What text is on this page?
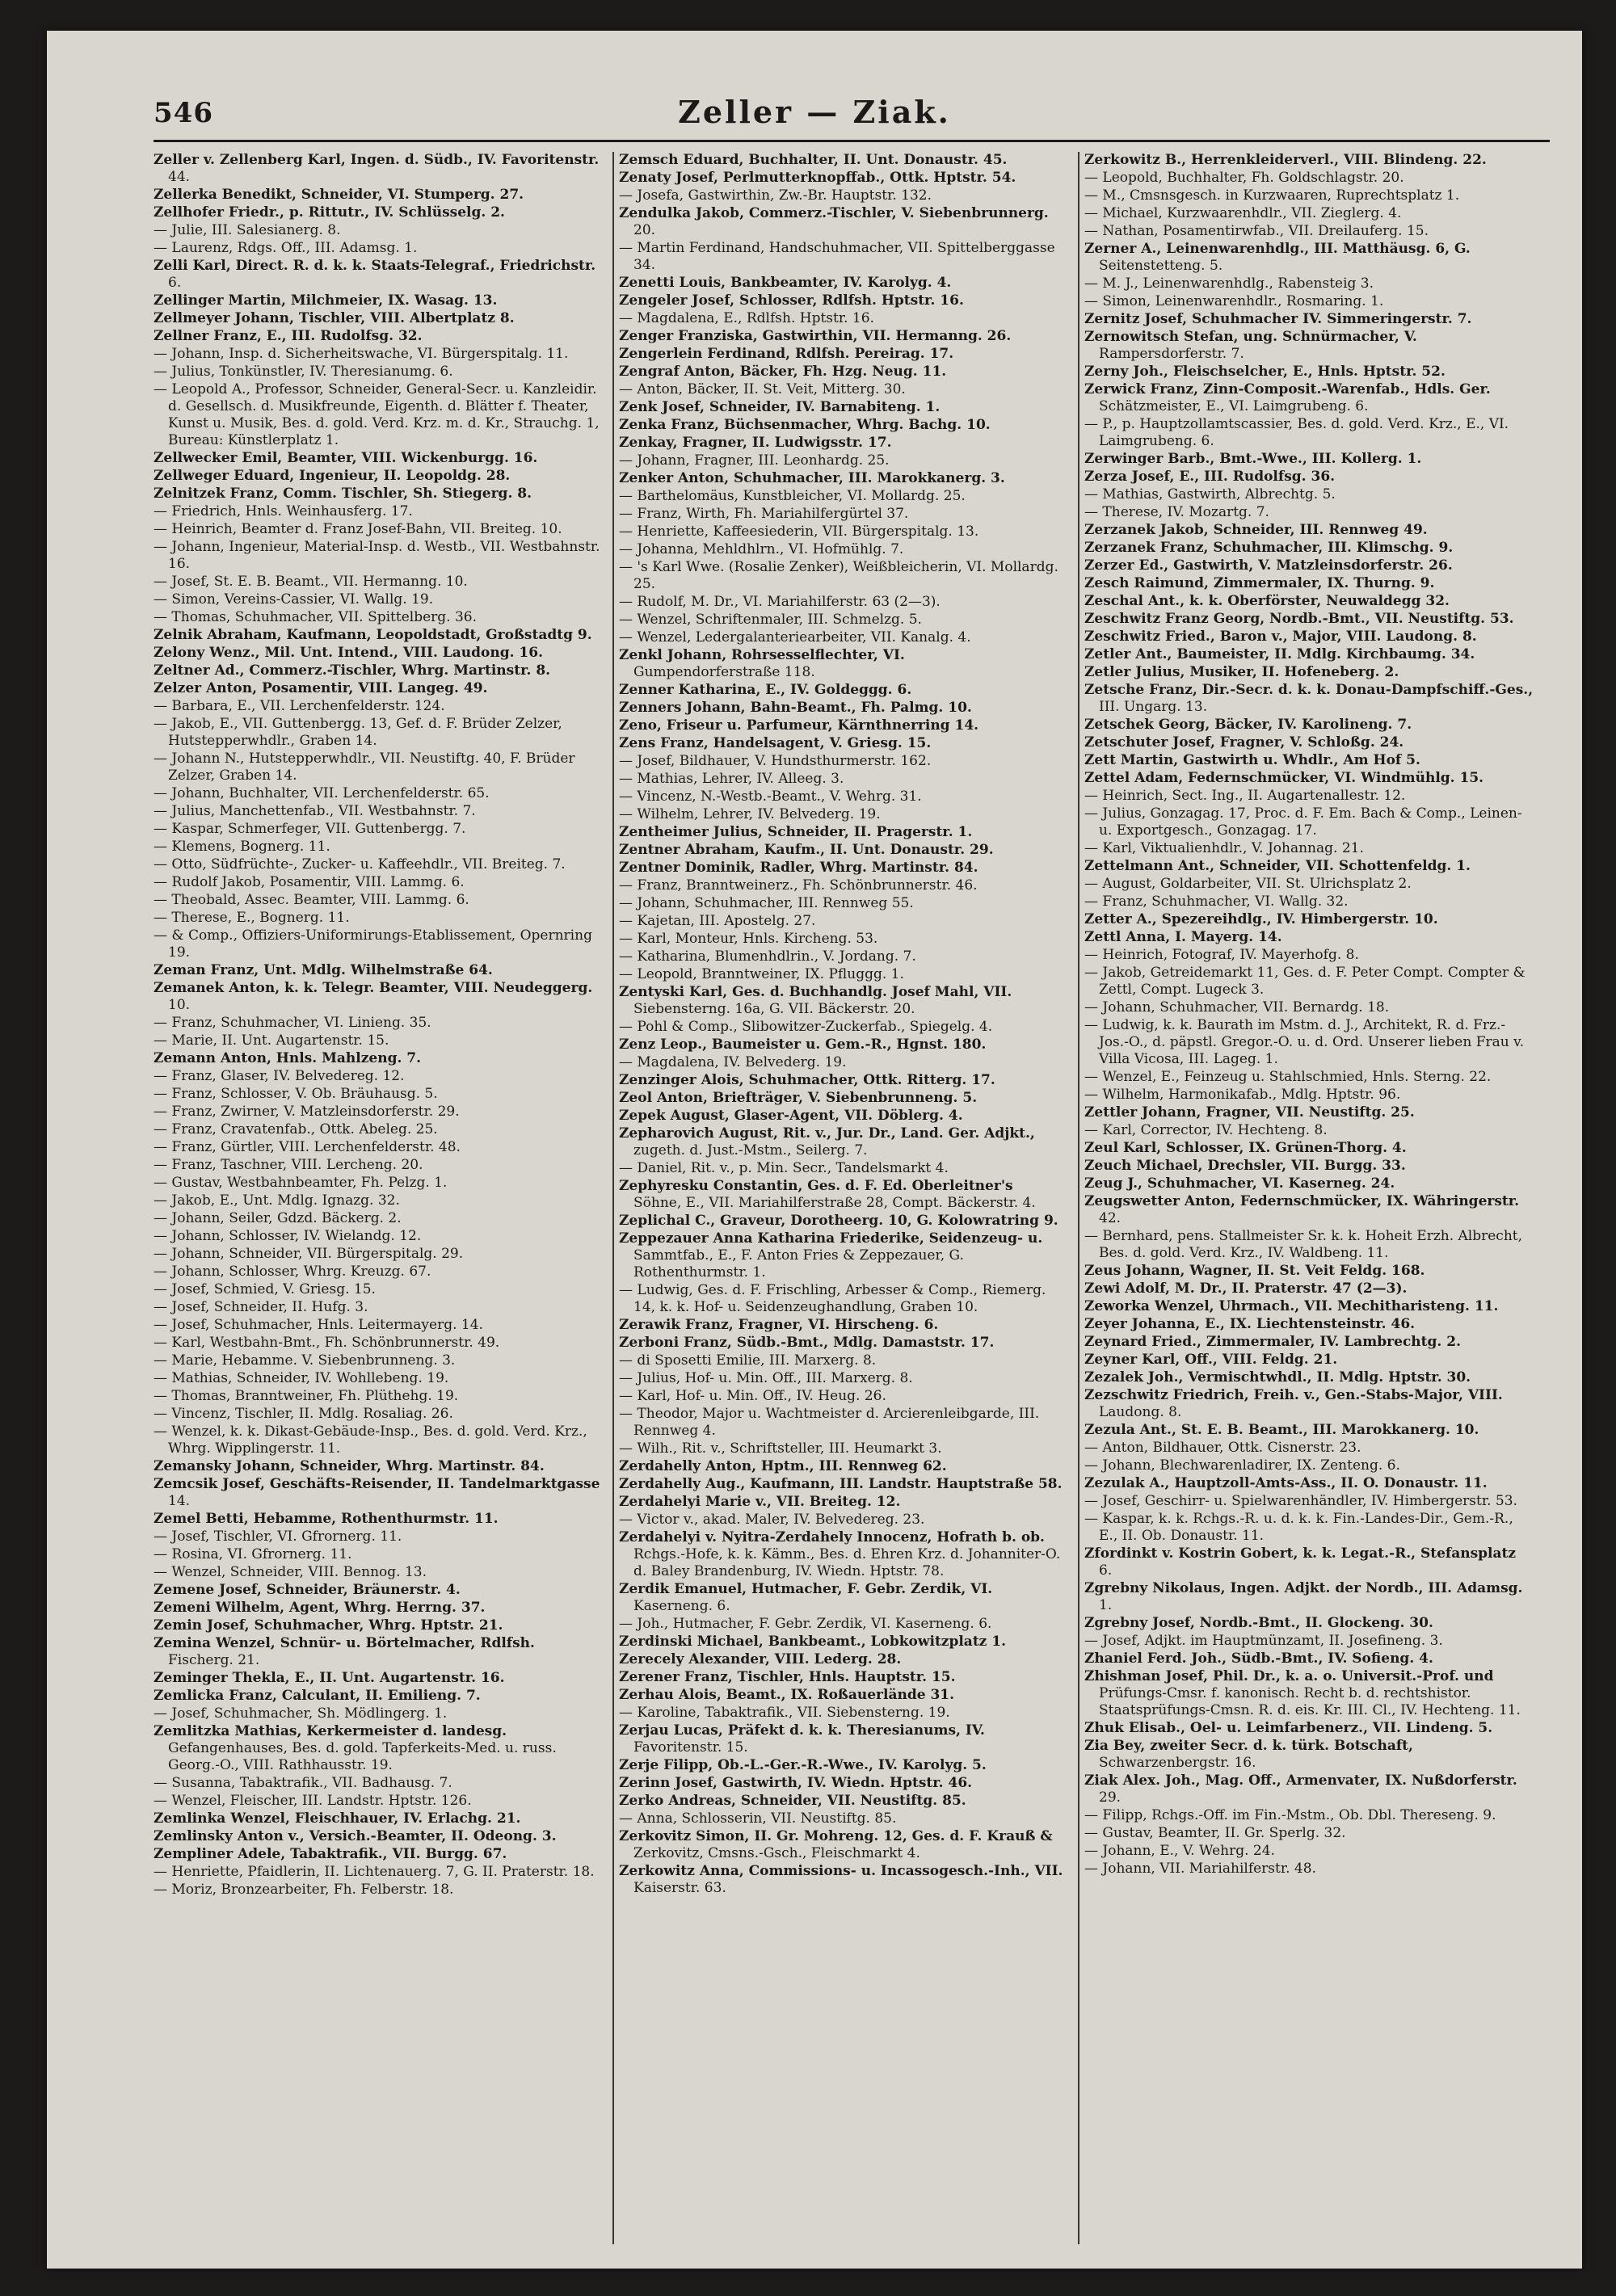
546	Zeller — Ziak.
Zeller v. Zellenberg Karl, Ingen. d. Südb., IV. Favoritenstr. 44.
Zellerka Benedikt, Schneider, VI. Stumperg. 27.
Zellhofer Friedr., p. Rittutr., IV. Schlüsselg. 2.
— Julie, III. Salesianerg. 8.
— Laurenz, Rdgs. Off., III. Adamsg. 1.
Zelli Karl, Direct. R. d. k. k. Staats-Telegraf., Friedrichstr. 6.
Zellinger Martin, Milchmeier, IX. Wasag. 13.
Zellmeyer Johann, Tischler, VIII. Albertplatz 8.
Zellner Franz, E., III. Rudolfsg. 32.
— Johann, Insp. d. Sicherheitswache, VI. Bürgerspitalg. 11.
— Julius, Tonkünstler, IV. Theresianumg. 6.
— Leopold A., Professor, Schneider, General-Secr. u. Kanzleidir. d. Gesellsch. d. Musikfreunde, Eigenth. d. Blätter f. Theater, Kunst u. Musik, Bes. d. gold. Verd. Krz. m. d. Kr., Strauchg. 1, Bureau: Künstlerplatz 1.
Zellwecker Emil, Beamter, VIII. Wickenburgg. 16.
Zellweger Eduard, Ingenieur, II. Leopoldg. 28.
Zelnitzek Franz, Comm. Tischler, Sh. Stiegerg. 8.
— Friedrich, Hnls. Weinhausferg. 17.
— Heinrich, Beamter d. Franz Josef-Bahn, VII. Breiteg. 10.
— Johann, Ingenieur, Material-Insp. d. Westb., VII. Westbahnstr. 16.
— Josef, St. E. B. Beamt., VII. Hermanng. 10.
— Simon, Vereins-Cassier, VI. Wallg. 19.
— Thomas, Schuhmacher, VII. Spittelberg. 36.
Zelnik Abraham, Kaufmann, Leopoldstadt, Großstadtg 9.
Zelony Wenz., Mil. Unt. Intend., VIII. Laudong. 16.
Zeltner Ad., Commerz.-Tischler, Whrg. Martinstr. 8.
Zelzer Anton, Posamentir, VIII. Langeg. 49.
— Barbara, E., VII. Lerchenfelderstr. 124.
— Jakob, E., VII. Guttenbergg. 13, Gef. d. F. Brüder Zelzer, Hutstepperwhdlr., Graben 14.
— Johann N., Hutstepperwhdlr., VII. Neustiftg. 40, F. Brüder Zelzer, Graben 14.
— Johann, Buchhalter, VII. Lerchenfelderstr. 65.
— Julius, Manchettenfab., VII. Westbahnstr. 7.
— Kaspar, Schmerfeger, VII. Guttenbergg. 7.
— Klemens, Bognerg. 11.
— Otto, Südfrüchte-, Zucker- u. Kaffeehdlr., VII. Breiteg. 7.
— Rudolf Jakob, Posamentir, VIII. Lammg. 6.
— Theobald, Assec. Beamter, VIII. Lammg. 6.
— Therese, E., Bognerg. 11.
— & Comp., Offiziers-Uniformirungs-Etablissement, Opernring 19.
Zeman Franz, Unt. Mdlg. Wilhelmstraße 64.
Zemanek Anton, k. k. Telegr. Beamter, VIII. Neudeggerg. 10.
— Franz, Schuhmacher, VI. Linieng. 35.
— Marie, II. Unt. Augartenstr. 15.
Zemann Anton, Hnls. Mahlzeng. 7.
— Franz, Glaser, IV. Belvedereg. 12.
— Franz, Schlosser, V. Ob. Bräuhausg. 5.
— Franz, Zwirner, V. Matzleinsdorferstr. 29.
— Franz, Cravatenfab., Ottk. Abeleg. 25.
— Franz, Gürtler, VIII. Lerchenfelderstr. 48.
— Franz, Taschner, VIII. Lercheng. 20.
— Gustav, Westbahnbeamter, Fh. Pelzg. 1.
— Jakob, E., Unt. Mdlg. Ignazg. 32.
— Johann, Seiler, Gdzd. Bäckerg. 2.
— Johann, Schlosser, IV. Wielandg. 12.
— Johann, Schneider, VII. Bürgerspitalg. 29.
— Johann, Schlosser, Whrg. Kreuzg. 67.
— Josef, Schmied, V. Griesg. 15.
— Josef, Schneider, II. Hufg. 3.
— Josef, Schuhmacher, Hnls. Leitermayerg. 14.
— Karl, Westbahn-Bmt., Fh. Schönbrunnerstr. 49.
— Marie, Hebamme. V. Siebenbrunneng. 3.
— Mathias, Schneider, IV. Wohllebeng. 19.
— Thomas, Branntweiner, Fh. Plüthehg. 19.
— Vincenz, Tischler, II. Mdlg. Rosaliag. 26.
— Wenzel, k. k. Dikast-Gebäude-Insp., Bes. d. gold. Verd. Krz., Whrg. Wipplingerstr. 11.
Zemansky Johann, Schneider, Whrg. Martinstr. 84.
Zemcsik Josef, Geschäfts-Reisender, II. Tandelmarktgasse 14.
Zemel Betti, Hebamme, Rothenthurmstr. 11.
— Josef, Tischler, VI. Gfrornerg. 11.
— Rosina, VI. Gfrornerg. 11.
— Wenzel, Schneider, VIII. Bennog. 13.
Zemene Josef, Schneider, Bräunerstr. 4.
Zemeni Wilhelm, Agent, Whrg. Herrng. 37.
Zemin Josef, Schuhmacher, Whrg. Hptstr. 21.
Zemina Wenzel, Schnür- u. Börtelmacher, Rdlfsh. Fischerg. 21.
Zeminger Thekla, E., II. Unt. Augartenstr. 16.
Zemlicka Franz, Calculant, II. Emilieng. 7.
— Josef, Schuhmacher, Sh. Mödlingerg. 1.
Zemlitzka Mathias, Kerkermeister d. landesg. Gefangenhauses, Bes. d. gold. Tapferkeits-Med. u. russ. Georg.-O., VIII. Rathhausstr. 19.
— Susanna, Tabaktrafik., VII. Badhausg. 7.
— Wenzel, Fleischer, III. Landstr. Hptstr. 126.
Zemlinka Wenzel, Fleischhauer, IV. Erlachg. 21.
Zemlinsky Anton v., Versich.-Beamter, II. Odeong. 3.
Zempliner Adele, Tabaktrafik., VII. Burgg. 67.
— Henriette, Pfaidlerin, II. Lichtenauerg. 7, G. II. Praterstr. 18.
— Moriz, Bronzearbeiter, Fh. Felberstr. 18.
Zemsch Eduard, Buchhalter, II. Unt. Donaustr. 45.
Zenaty Josef, Perlmutterknopffab., Ottk. Hptstr. 54.
— Josefa, Gastwirthin, Zw.-Br. Hauptstr. 132.
Zendulka Jakob, Commerz.-Tischler, V. Siebenbrunnerg. 20.
— Martin Ferdinand, Handschuhmacher, VII. Spittelberggasse 34.
Zenetti Louis, Bankbeamter, IV. Karolyg. 4.
Zengeler Josef, Schlosser, Rdlfsh. Hptstr. 16.
— Magdalena, E., Rdlfsh. Hptstr. 16.
Zenger Franziska, Gastwirthin, VII. Hermanng. 26.
Zengerlein Ferdinand, Rdlfsh. Pereirag. 17.
Zengraf Anton, Bäcker, Fh. Hzg. Neug. 11.
— Anton, Bäcker, II. St. Veit, Mitterg. 30.
Zenk Josef, Schneider, IV. Barnabiteng. 1.
Zenka Franz, Büchsenmacher, Whrg. Bachg. 10.
Zenkay, Fragner, II. Ludwigsstr. 17.
— Johann, Fragner, III. Leonhardg. 25.
Zenker Anton, Schuhmacher, III. Marokkanerg. 3.
— Barthelomäus, Kunstbleicher, VI. Mollardg. 25.
— Franz, Wirth, Fh. Mariahilfergürtel 37.
— Henriette, Kaffeesiederin, VII. Bürgerspitalg. 13.
— Johanna, Mehldhlrn., VI. Hofmühlg. 7.
— 's Karl Wwe. (Rosalie Zenker), Weißbleicherin, VI. Mollardg. 25.
— Rudolf, M. Dr., VI. Mariahilferstr. 63 (2—3).
— Wenzel, Schriftenmaler, III. Schmelzg. 5.
— Wenzel, Ledergalanteriearbeiter, VII. Kanalg. 4.
Zenkl Johann, Rohrsesselflechter, VI. Gumpendorferstraße 118.
Zenner Katharina, E., IV. Goldeggg. 6.
Zenners Johann, Bahn-Beamt., Fh. Palmg. 10.
Zeno, Friseur u. Parfumeur, Kärnthnerring 14.
Zens Franz, Handelsagent, V. Griesg. 15.
— Josef, Bildhauer, V. Hundsthurmerstr. 162.
— Mathias, Lehrer, IV. Alleeg. 3.
— Vincenz, N.-Westb.-Beamt., V. Wehrg. 31.
— Wilhelm, Lehrer, IV. Belvederg. 19.
Zentheimer Julius, Schneider, II. Pragerstr. 1.
Zentner Abraham, Kaufm., II. Unt. Donaustr. 29.
Zentner Dominik, Radler, Whrg. Martinstr. 84.
— Franz, Branntweinerz., Fh. Schönbrunnerstr. 46.
— Johann, Schuhmacher, III. Rennweg 55.
— Kajetan, III. Apostelg. 27.
— Karl, Monteur, Hnls. Kircheng. 53.
— Katharina, Blumenhdlrin., V. Jordang. 7.
— Leopold, Branntweiner, IX. Pfluggg. 1.
Zentyski Karl, Ges. d. Buchhandlg. Josef Mahl, VII. Siebensterng. 16a, G. VII. Bäckerstr. 20.
— Pohl & Comp., Slibowitzer-Zuckerfab., Spiegelg. 4.
Zenz Leop., Baumeister u. Gem.-R., Hgnst. 180.
— Magdalena, IV. Belvederg. 19.
Zenzinger Alois, Schuhmacher, Ottk. Ritterg. 17.
Zeol Anton, Briefträger, V. Siebenbrunneng. 5.
Zepek August, Glaser-Agent, VII. Döblerg. 4.
Zepharovich August, Rit. v., Jur. Dr., Land. Ger. Adjkt., zugeth. d. Just.-Mstm., Seilerg. 7.
— Daniel, Rit. v., p. Min. Secr., Tandelsmarkt 4.
Zephyresku Constantin, Ges. d. F. Ed. Oberleitner's Söhne, E., VII. Mariahilferstraße 28, Compt. Bäckerstr. 4.
Zeplichal C., Graveur, Dorotheerg. 10, G. Kolowratring 9.
Zeppezauer Anna Katharina Friederike, Seidenzeug- u. Sammtfab., E., F. Anton Fries & Zeppezauer, G. Rothenthurmstr. 1.
— Ludwig, Ges. d. F. Frischling, Arbesser & Comp., Riemerg. 14, k. k. Hof- u. Seidenzeughandlung, Graben 10.
Zerawik Franz, Fragner, VI. Hirscheng. 6.
Zerboni Franz, Südb.-Bmt., Mdlg. Damaststr. 17.
— di Sposetti Emilie, III. Marxerg. 8.
— Julius, Hof- u. Min. Off., III. Marxerg. 8.
— Karl, Hof- u. Min. Off., IV. Heug. 26.
— Theodor, Major u. Wachtmeister d. Arcierenleibgarde, III. Rennweg 4.
— Wilh., Rit. v., Schriftsteller, III. Heumarkt 3.
Zerdahelly Anton, Hptm., III. Rennweg 62.
Zerdahelly Aug., Kaufmann, III. Landstr. Hauptstraße 58.
Zerdahelyi Marie v., VII. Breiteg. 12.
— Victor v., akad. Maler, IV. Belvedereg. 23.
Zerdahelyi v. Nyitra-Zerdahely Innocenz, Hofrath b. ob. Rchgs.-Hofe, k. k. Kämm., Bes. d. Ehren Krz. d. Johanniter-O. d. Baley Brandenburg, IV. Wiedn. Hptstr. 78.
Zerdik Emanuel, Hutmacher, F. Gebr. Zerdik, VI. Kaserneng. 6.
— Joh., Hutmacher, F. Gebr. Zerdik, VI. Kaserneng. 6.
Zerdinski Michael, Bankbeamt., Lobkowitzplatz 1.
Zerecely Alexander, VIII. Lederg. 28.
Zerener Franz, Tischler, Hnls. Hauptstr. 15.
Zerhau Alois, Beamt., IX. Roßauerlände 31.
— Karoline, Tabaktrafik., VII. Siebensterng. 19.
Zerjau Lucas, Präfekt d. k. k. Theresianums, IV. Favoritenstr. 15.
Zerje Filipp, Ob.-L.-Ger.-R.-Wwe., IV. Karolyg. 5.
Zerinn Josef, Gastwirth, IV. Wiedn. Hptstr. 46.
Zerko Andreas, Schneider, VII. Neustiftg. 85.
— Anna, Schlosserin, VII. Neustiftg. 85.
Zerkovitz Simon, II. Gr. Mohreng. 12, Ges. d. F. Krauß & Zerkovitz, Cmsns.-Gsch., Fleischmarkt 4.
Zerkowitz Anna, Commissions- u. Incassogesch.-Inh., VII. Kaiserstr. 63.
Zerkowitz B., Herrenkleiderverl., VIII. Blindeng. 22.
— Leopold, Buchhalter, Fh. Goldschlagstr. 20.
— M., Cmsnsgesch. in Kurzwaaren, Ruprechtsplatz 1.
— Michael, Kurzwaarenhdlr., VII. Zieglerg. 4.
— Nathan, Posamentirwfab., VII. Dreilauferg. 15.
Zerner A., Leinenwarenhdlg., III. Matthäusg. 6, G. Seitenstetteng. 5.
— M. J., Leinenwarenhdlg., Rabensteig 3.
— Simon, Leinenwarenhdlr., Rosmaring. 1.
Zernitz Josef, Schuhmacher IV. Simmeringerstr. 7.
Zernowitsch Stefan, ung. Schnürmacher, V. Rampersdorferstr. 7.
Zerny Joh., Fleischselcher, E., Hnls. Hptstr. 52.
Zerwick Franz, Zinn-Composit.-Warenfab., Hdls. Ger. Schätzmeister, E., VI. Laimgrubeng. 6.
— P., p. Hauptzollamtscassier, Bes. d. gold. Verd. Krz., E., VI. Laimgrubeng. 6.
Zerwinger Barb., Bmt.-Wwe., III. Kollerg. 1.
Zerza Josef, E., III. Rudolfsg. 36.
— Mathias, Gastwirth, Albrechtg. 5.
— Therese, IV. Mozartg. 7.
Zerzanek Jakob, Schneider, III. Rennweg 49.
Zerzanek Franz, Schuhmacher, III. Klimschg. 9.
Zerzer Ed., Gastwirth, V. Matzleinsdorferstr. 26.
Zesch Raimund, Zimmermaler, IX. Thurng. 9.
Zeschal Ant., k. k. Oberförster, Neuwaldegg 32.
Zeschwitz Franz Georg, Nordb.-Bmt., VII. Neustiftg. 53.
Zeschwitz Fried., Baron v., Major, VIII. Laudong. 8.
Zetler Ant., Baumeister, II. Mdlg. Kirchbaumg. 34.
Zetler Julius, Musiker, II. Hofeneberg. 2.
Zetsche Franz, Dir.-Secr. d. k. k. Donau-Dampfschiff.-Ges., III. Ungarg. 13.
Zetschek Georg, Bäcker, IV. Karolineng. 7.
Zetschuter Josef, Fragner, V. Schloßg. 24.
Zett Martin, Gastwirth u. Whdlr., Am Hof 5.
Zettel Adam, Federnschmücker, VI. Windmühlg. 15.
— Heinrich, Sect. Ing., II. Augartenallestr. 12.
— Julius, Gonzagag. 17, Proc. d. F. Em. Bach & Comp., Leinen- u. Exportgesch., Gonzagag. 17.
— Karl, Viktualienhdlr., V. Johannag. 21.
Zettelmann Ant., Schneider, VII. Schottenfeldg. 1.
— August, Goldarbeiter, VII. St. Ulrichsplatz 2.
— Franz, Schuhmacher, VI. Wallg. 32.
Zetter A., Spezereihdlg., IV. Himbergerstr. 10.
Zettl Anna, I. Mayerg. 14.
— Heinrich, Fotograf, IV. Mayerhofg. 8.
— Jakob, Getreidemarkt 11, Ges. d. F. Peter Compt. Compter & Zettl, Compt. Lugeck 3.
— Johann, Schuhmacher, VII. Bernardg. 18.
— Ludwig, k. k. Baurath im Mstm. d. J., Architekt, R. d. Frz.-Jos.-O., d. päpstl. Gregor.-O. u. d. Ord. Unserer lieben Frau v. Villa Vicosa, III. Lageg. 1.
— Wenzel, E., Feinzeug u. Stahlschmied, Hnls. Sterng. 22.
— Wilhelm, Harmonikafab., Mdlg. Hptstr. 96.
Zettler Johann, Fragner, VII. Neustiftg. 25.
— Karl, Corrector, IV. Hechteng. 8.
Zeul Karl, Schlosser, IX. Grünen-Thorg. 4.
Zeuch Michael, Drechsler, VII. Burgg. 33.
Zeug J., Schuhmacher, VI. Kaserneg. 24.
Zeugswetter Anton, Federnschmücker, IX. Währingerstr. 42.
— Bernhard, pens. Stallmeister Sr. k. k. Hoheit Erzh. Albrecht, Bes. d. gold. Verd. Krz., IV. Waldbeng. 11.
Zeus Johann, Wagner, II. St. Veit Feldg. 168.
Zewi Adolf, M. Dr., II. Praterstr. 47 (2—3).
Zeworka Wenzel, Uhrmach., VII. Mechitharisteng. 11.
Zeyer Johanna, E., IX. Liechtensteinstr. 46.
Zeynard Fried., Zimmermaler, IV. Lambrechtg. 2.
Zeyner Karl, Off., VIII. Feldg. 21.
Zezalek Joh., Vermischtwhdl., II. Mdlg. Hptstr. 30.
Zezschwitz Friedrich, Freih. v., Gen.-Stabs-Major, VIII. Laudong. 8.
Zezula Ant., St. E. B. Beamt., III. Marokkanerg. 10.
— Anton, Bildhauer, Ottk. Cisnerstr. 23.
— Johann, Blechwarenladirer, IX. Zenteng. 6.
Zezulak A., Hauptzoll-Amts-Ass., II. O. Donaustr. 11.
— Josef, Geschirr- u. Spielwarenhändler, IV. Himbergerstr. 53.
— Kaspar, k. k. Rchgs.-R. u. d. k. k. Fin.-Landes-Dir., Gem.-R., E., II. Ob. Donaustr. 11.
Zfordinkt v. Kostrin Gobert, k. k. Legat.-R., Stefansplatz 6.
Zgrebny Nikolaus, Ingen. Adjkt. der Nordb., III. Adamsg. 1.
Zgrebny Josef, Nordb.-Bmt., II. Glockeng. 30.
— Josef, Adjkt. im Hauptmünzamt, II. Josefineng. 3.
Zhaniel Ferd. Joh., Südb.-Bmt., IV. Sofieng. 4.
Zhishman Josef, Phil. Dr., k. a. o. Universit.-Prof. und Prüfungs-Cmsr. f. kanonisch. Recht b. d. rechtshistor. Staatsprüfungs-Cmsn. R. d. eis. Kr. III. Cl., IV. Hechteng. 11.
Zhuk Elisab., Oel- u. Leimfarbenerz., VII. Lindeng. 5.
Zia Bey, zweiter Secr. d. k. türk. Botschaft, Schwarzenbergstr. 16.
Ziak Alex. Joh., Mag. Off., Armenvater, IX. Nußdorferstr. 29.
— Filipp, Rchgs.-Off. im Fin.-Mstm., Ob. Dbl. Thereseng. 9.
— Gustav, Beamter, II. Gr. Sperlg. 32.
— Johann, E., V. Wehrg. 24.
— Johann, VII. Mariahilferstr. 48.
